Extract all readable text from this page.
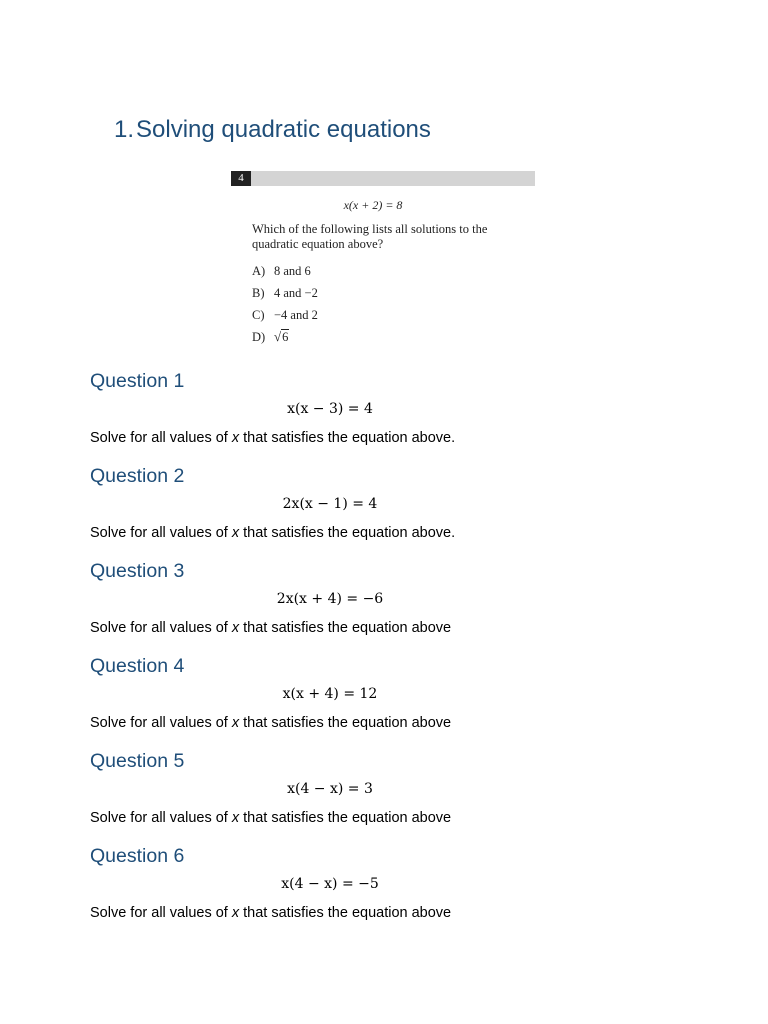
1.Solving quadratic equations
4
x(x + 2) = 8
Which of the following lists all solutions to the quadratic equation above?
A) 8 and 6
B) 4 and −2
C) −4 and 2
D) √6
Question 1
x(x − 3) = 4
Solve for all values of x that satisfies the equation above.
Question 2
2x(x − 1) = 4
Solve for all values of x that satisfies the equation above.
Question 3
2x(x + 4) = −6
Solve for all values of x that satisfies the equation above
Question 4
x(x + 4) = 12
Solve for all values of x that satisfies the equation above
Question 5
x(4 − x) = 3
Solve for all values of x that satisfies the equation above
Question 6
x(4 − x) = −5
Solve for all values of x that satisfies the equation above
